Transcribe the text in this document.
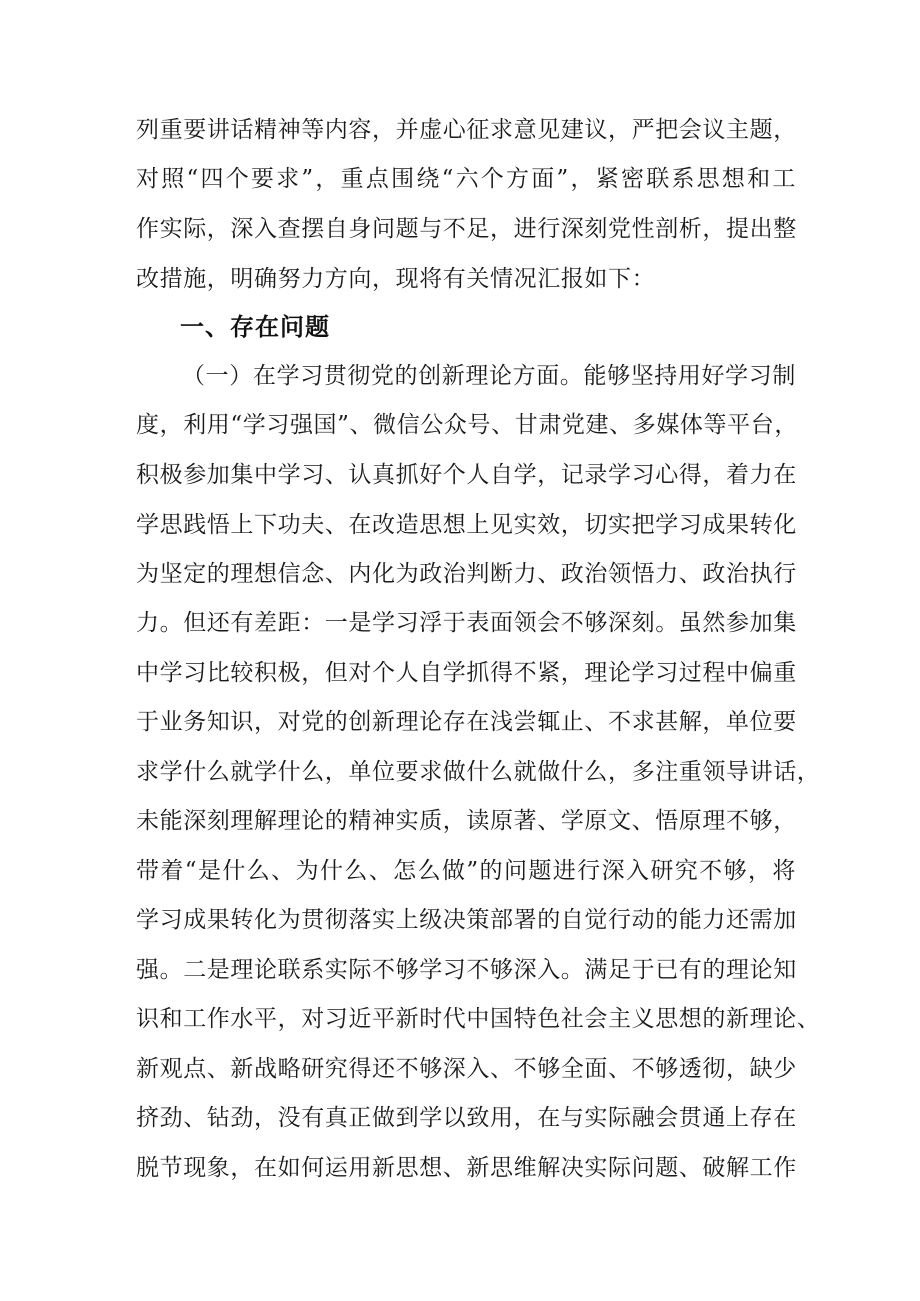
列重要讲话精神等内容，并虚心征求意见建议，严把会议主题，
对照“四个要求”，重点围绕“六个方面”，紧密联系思想和工
作实际，深入查摆自身问题与不足，进行深刻党性剖析，提出整
改措施，明确努力方向，现将有关情况汇报如下：
一、存在问题
（一）在学习贯彻党的创新理论方面。能够坚持用好学习制
度，利用“学习强国”、微信公众号、甘肃党建、多媒体等平台，
积极参加集中学习、认真抓好个人自学，记录学习心得，着力在
学思践悟上下功夫、在改造思想上见实效，切实把学习成果转化
为坚定的理想信念、内化为政治判断力、政治领悟力、政治执行
力。但还有差距：一是学习浮于表面领会不够深刻。虽然参加集
中学习比较积极，但对个人自学抓得不紧，理论学习过程中偏重
于业务知识，对党的创新理论存在浅尝辄止、不求甚解，单位要
求学什么就学什么，单位要求做什么就做什么，多注重领导讲话，
未能深刻理解理论的精神实质，读原著、学原文、悟原理不够，
带着“是什么、为什么、怎么做”的问题进行深入研究不够，将
学习成果转化为贯彻落实上级决策部署的自觉行动的能力还需加
强。二是理论联系实际不够学习不够深入。满足于已有的理论知
识和工作水平，对习近平新时代中国特色社会主义思想的新理论、
新观点、新战略研究得还不够深入、不够全面、不够透彻，缺少
挤劲、钻劲，没有真正做到学以致用，在与实际融会贯通上存在
脱节现象，在如何运用新思想、新思维解决实际问题、破解工作
